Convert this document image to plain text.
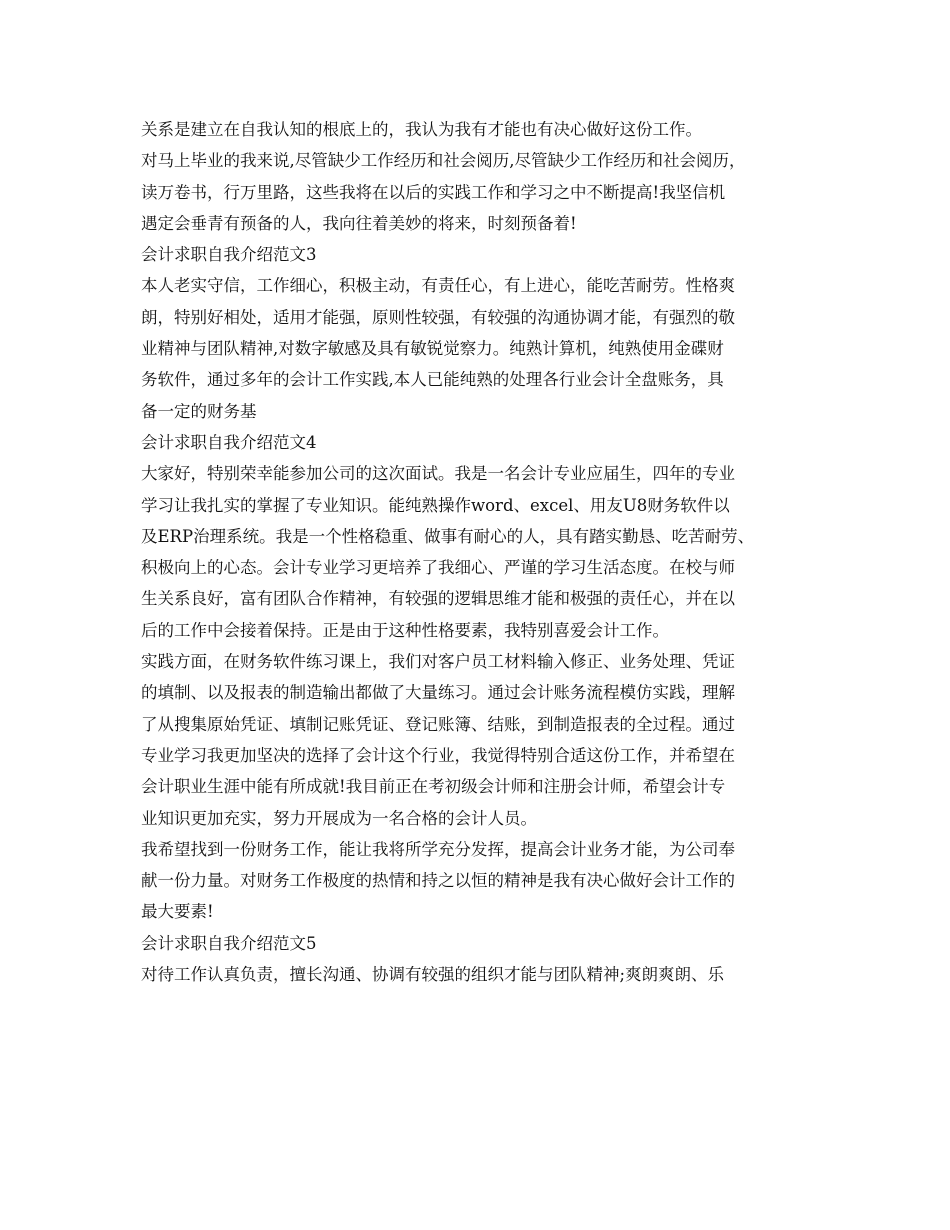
关系是建立在自我认知的根底上的，我认为我有才能也有决心做好这份工作。
对马上毕业的我来说,尽管缺少工作经历和社会阅历,尽管缺少工作经历和社会阅历，
读万卷书，行万里路，这些我将在以后的实践工作和学习之中不断提高!我坚信机
遇定会垂青有预备的人，我向往着美妙的将来，时刻预备着!
会计求职自我介绍范文3
本人老实守信，工作细心，积极主动，有责任心，有上进心，能吃苦耐劳。性格爽
朗，特别好相处，适用才能强，原则性较强，有较强的沟通协调才能，有强烈的敬
业精神与团队精神,对数字敏感及具有敏锐觉察力。纯熟计算机，纯熟使用金碟财
务软件，通过多年的会计工作实践,本人已能纯熟的处理各行业会计全盘账务，具
备一定的财务基
会计求职自我介绍范文4
大家好，特别荣幸能参加公司的这次面试。我是一名会计专业应届生，四年的专业
学习让我扎实的掌握了专业知识。能纯熟操作word、excel、用友U8财务软件以
及ERP治理系统。我是一个性格稳重、做事有耐心的人，具有踏实勤恳、吃苦耐劳、
积极向上的心态。会计专业学习更培养了我细心、严谨的学习生活态度。在校与师
生关系良好，富有团队合作精神，有较强的逻辑思维才能和极强的责任心，并在以
后的工作中会接着保持。正是由于这种性格要素，我特别喜爱会计工作。
实践方面，在财务软件练习课上，我们对客户员工材料输入修正、业务处理、凭证
的填制、以及报表的制造输出都做了大量练习。通过会计账务流程模仿实践，理解
了从搜集原始凭证、填制记账凭证、登记账簿、结账，到制造报表的全过程。通过
专业学习我更加坚决的选择了会计这个行业，我觉得特别合适这份工作，并希望在
会计职业生涯中能有所成就!我目前正在考初级会计师和注册会计师，希望会计专
业知识更加充实，努力开展成为一名合格的会计人员。
我希望找到一份财务工作，能让我将所学充分发挥，提高会计业务才能，为公司奉
献一份力量。对财务工作极度的热情和持之以恒的精神是我有决心做好会计工作的
最大要素!
会计求职自我介绍范文5
对待工作认真负责，擅长沟通、协调有较强的组织才能与团队精神;爽朗爽朗、乐
